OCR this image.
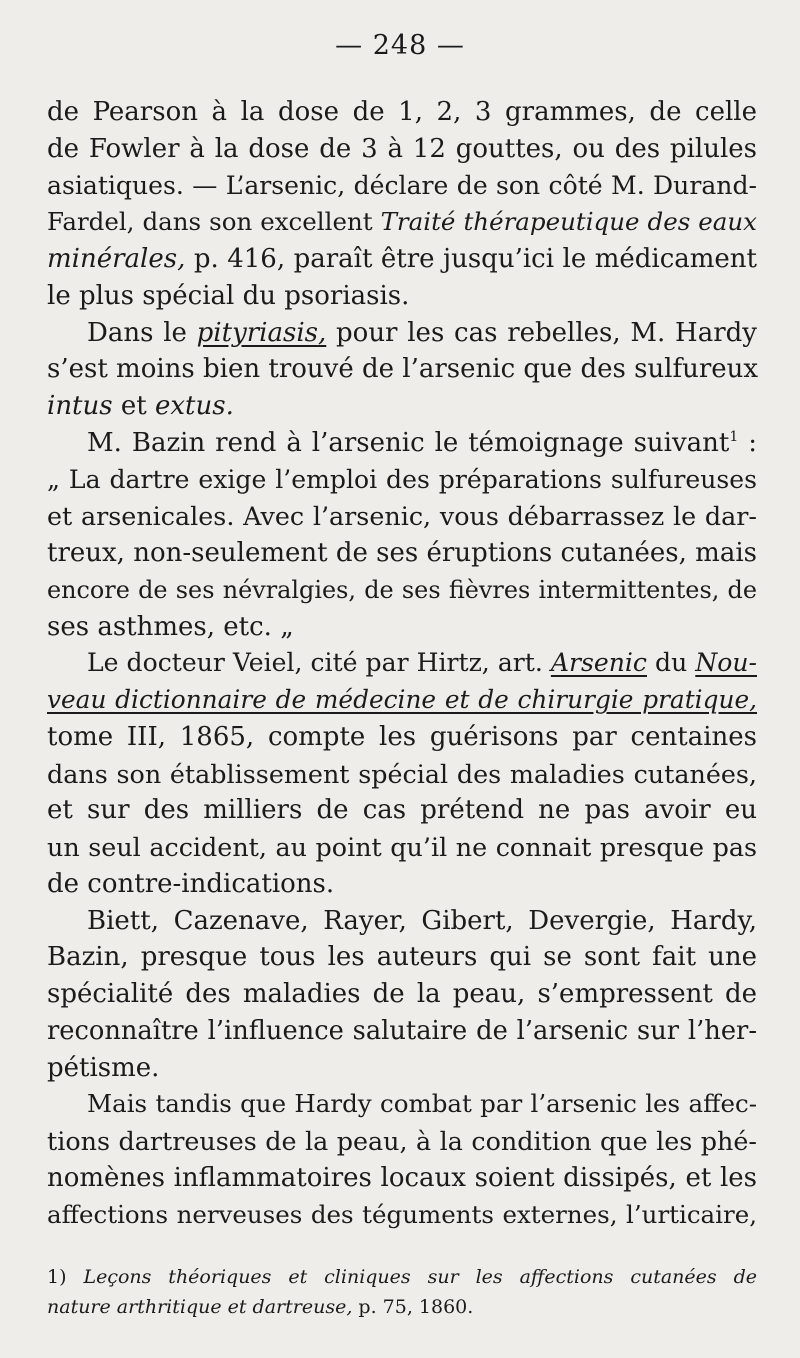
— 248 —
de Pearson à la dose de 1, 2, 3 grammes, de celle
de Fowler à la dose de 3 à 12 gouttes, ou des pilules
asiatiques. — L’arsenic, déclare de son côté M. Durand-
Fardel, dans son excellent Traité thérapeutique des eaux
minérales, p. 416, paraît être jusqu’ici le médicament
le plus spécial du psoriasis.
Dans le pityriasis, pour les cas rebelles, M. Hardy
s’est moins bien trouvé de l’arsenic que des sulfureux
intus et extus.
M. Bazin rend à l’arsenic le témoignage suivant$^1$ :
„ La dartre exige l’emploi des préparations sulfureuses
et arsenicales. Avec l’arsenic, vous débarrassez le dar-
treux, non-seulement de ses éruptions cutanées, mais
encore de ses névralgies, de ses fièvres intermittentes, de
ses asthmes, etc. „
Le docteur Veiel, cité par Hirtz, art. Arsenic du Nou-
veau dictionnaire de médecine et de chirurgie pratique,
tome III, 1865, compte les guérisons par centaines
dans son établissement spécial des maladies cutanées,
et sur des milliers de cas prétend ne pas avoir eu
un seul accident, au point qu’il ne connait presque pas
de contre-indications.
Biett, Cazenave, Rayer, Gibert, Devergie, Hardy,
Bazin, presque tous les auteurs qui se sont fait une
spécialité des maladies de la peau, s’empressent de
reconnaître l’influence salutaire de l’arsenic sur l’her-
pétisme.
Mais tandis que Hardy combat par l’arsenic les affec-
tions dartreuses de la peau, à la condition que les phé-
nomènes inflammatoires locaux soient dissipés, et les
affections nerveuses des téguments externes, l’urticaire,
1) Leçons théoriques et cliniques sur les affections cutanées de
nature arthritique et dartreuse, p. 75, 1860.
